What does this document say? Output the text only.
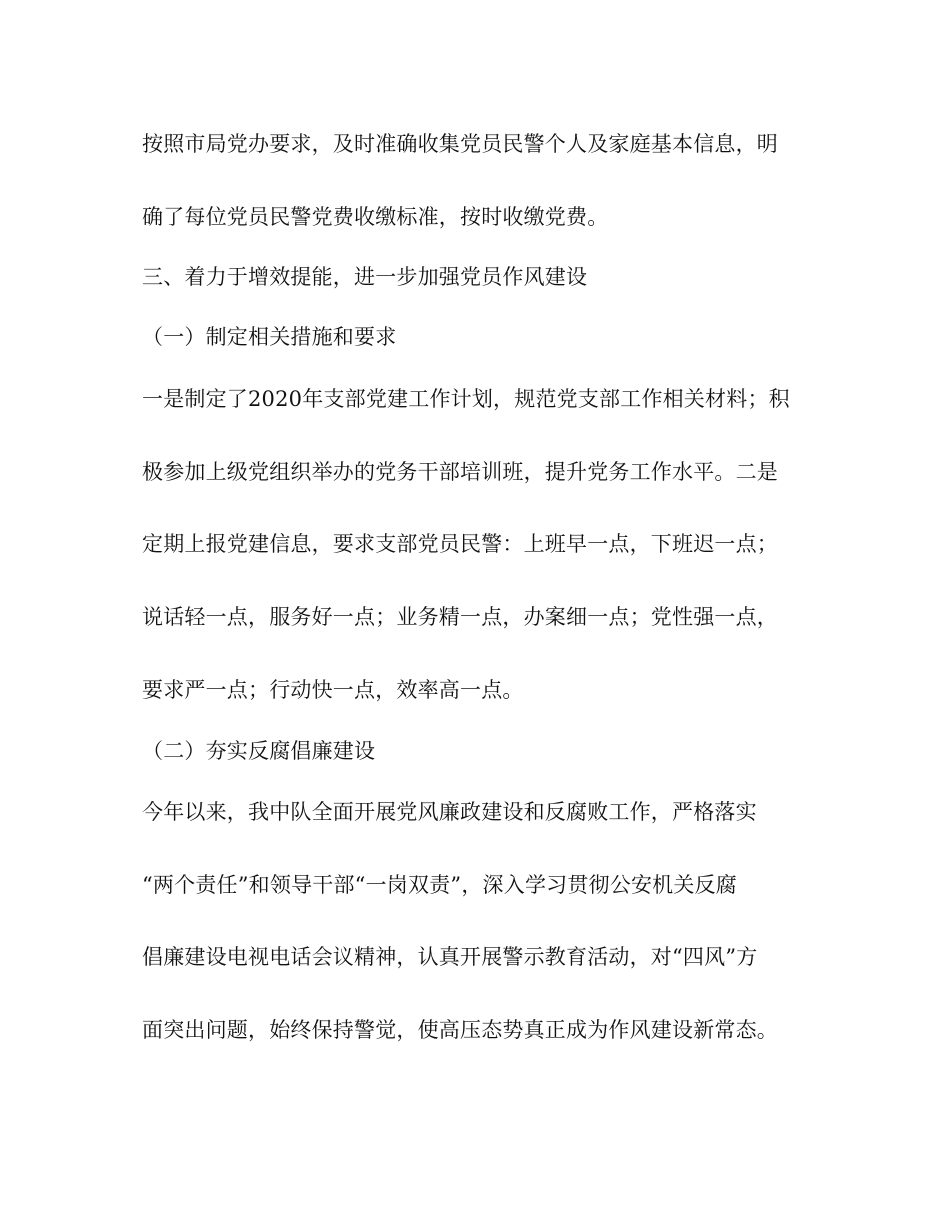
按照市局党办要求，及时准确收集党员民警个人及家庭基本信息，明
确了每位党员民警党费收缴标准，按时收缴党费。
三、着力于增效提能，进一步加强党员作风建设
（一）制定相关措施和要求
一是制定了2020年支部党建工作计划，规范党支部工作相关材料；积
极参加上级党组织举办的党务干部培训班，提升党务工作水平。二是
定期上报党建信息，要求支部党员民警：上班早一点，下班迟一点；
说话轻一点，服务好一点；业务精一点，办案细一点；党性强一点，
要求严一点；行动快一点，效率高一点。
（二）夯实反腐倡廉建设
今年以来，我中队全面开展党风廉政建设和反腐败工作，严格落实
“两个责任”和领导干部“一岗双责”，深入学习贯彻公安机关反腐
倡廉建设电视电话会议精神，认真开展警示教育活动，对“四风”方
面突出问题，始终保持警觉，使高压态势真正成为作风建设新常态。
